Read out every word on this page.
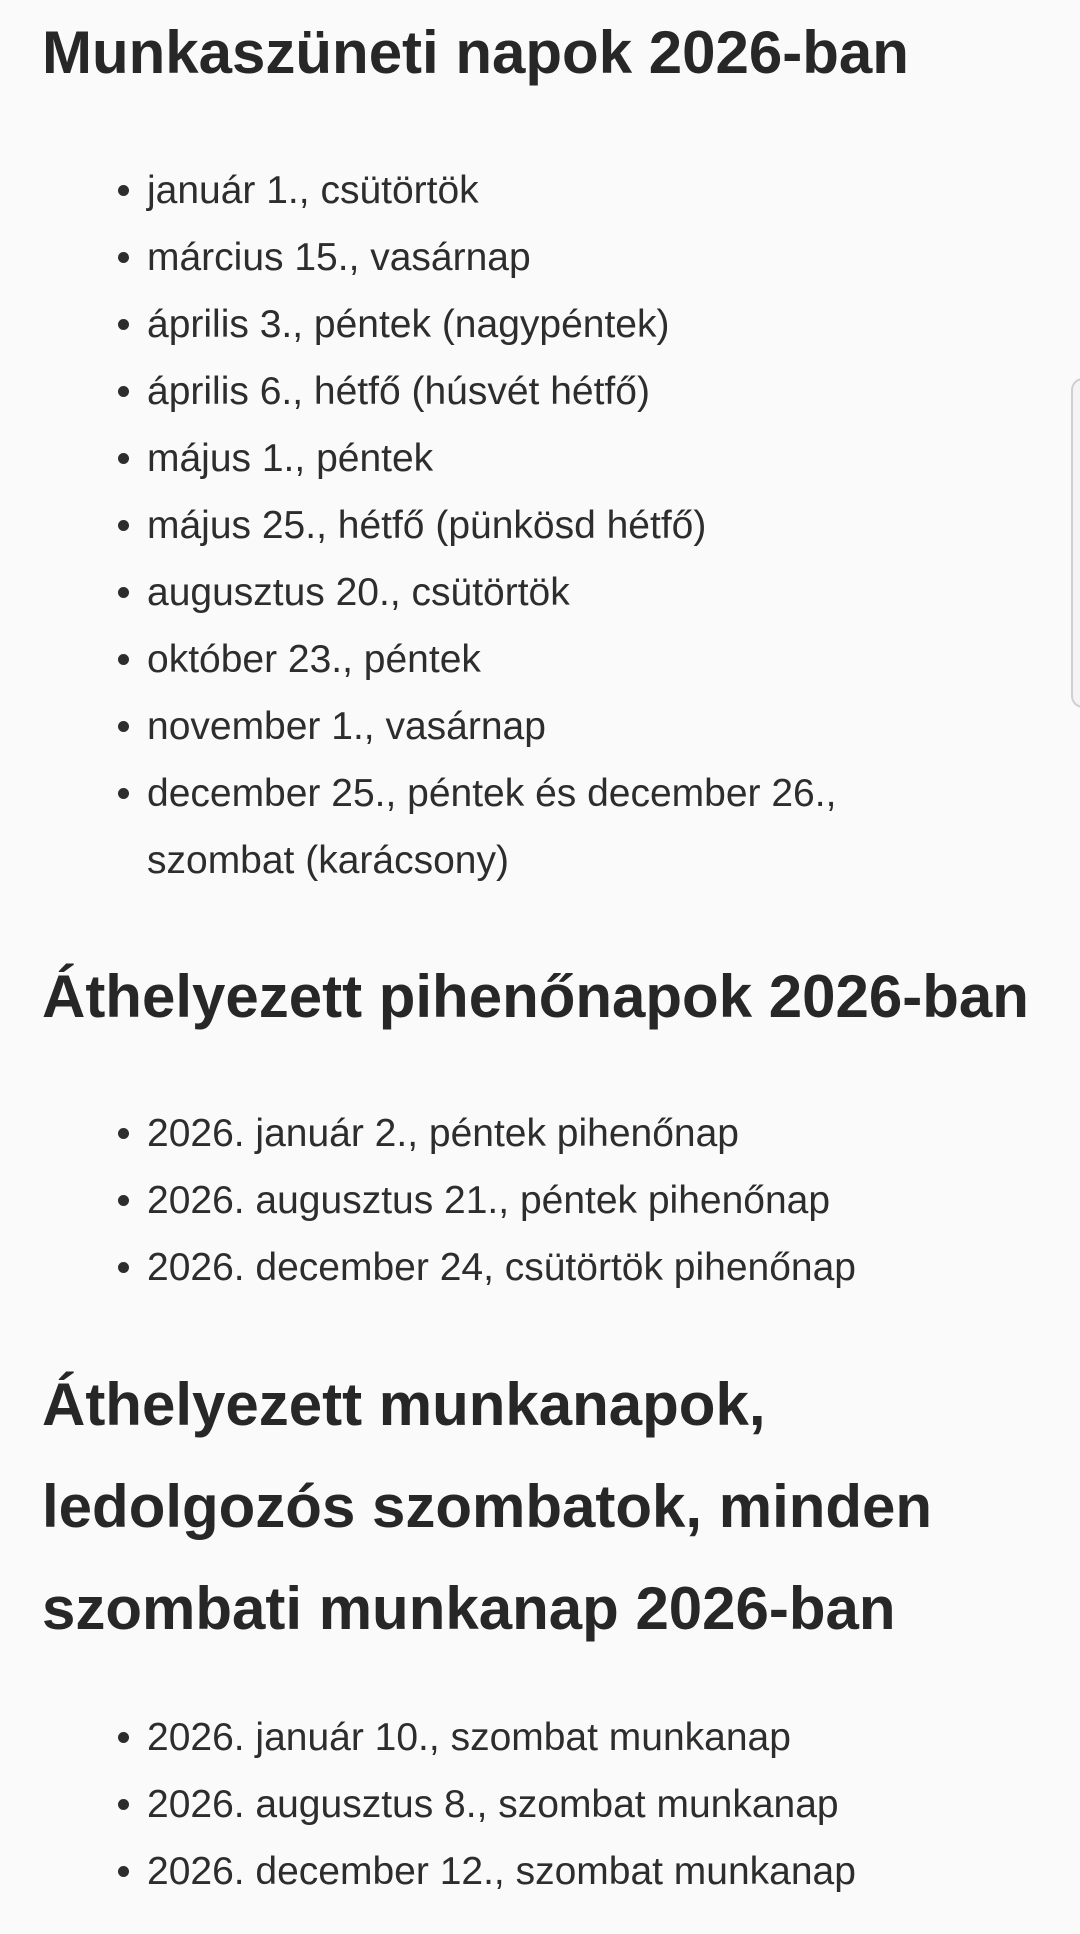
Munkaszüneti napok 2026-ban
január 1., csütörtök
március 15., vasárnap
április 3., péntek (nagypéntek)
április 6., hétfő (húsvét hétfő)
május 1., péntek
május 25., hétfő (pünkösd hétfő)
augusztus 20., csütörtök
október 23., péntek
november 1., vasárnap
december 25., péntek és december 26., szombat (karácsony)
Áthelyezett pihenőnapok 2026-ban
2026. január 2., péntek pihenőnap
2026. augusztus 21., péntek pihenőnap
2026. december 24, csütörtök pihenőnap
Áthelyezett munkanapok, ledolgozós szombatok, minden szombati munkanap 2026-ban
2026. január 10., szombat munkanap
2026. augusztus 8., szombat munkanap
2026. december 12., szombat munkanap
